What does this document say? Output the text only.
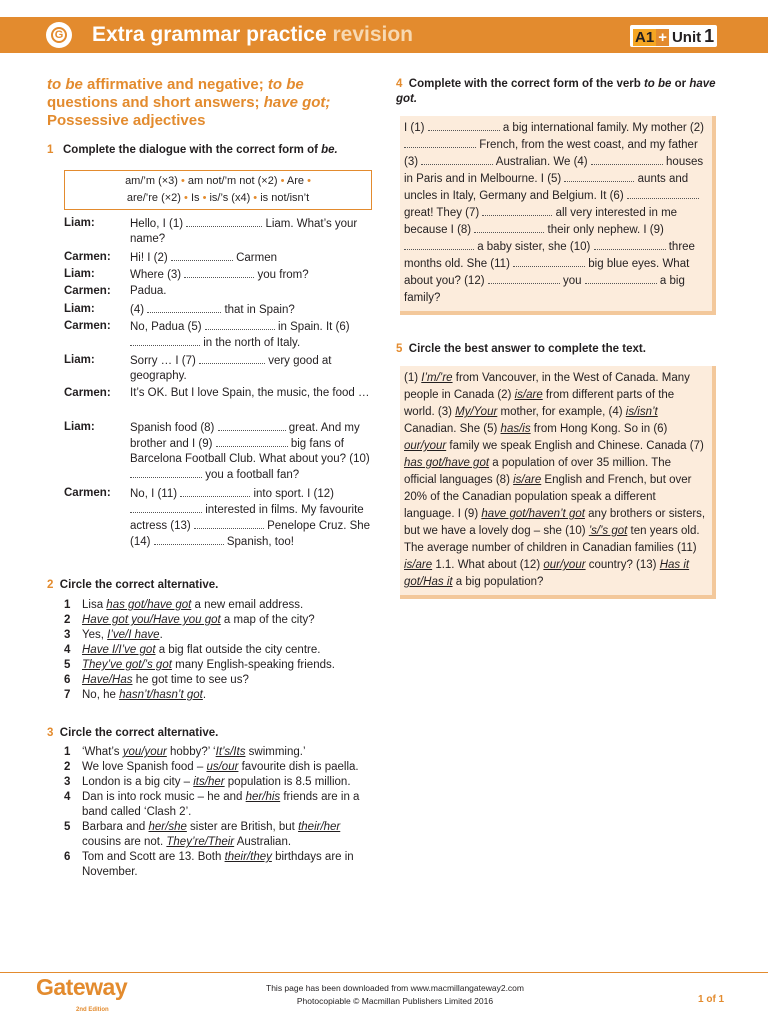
G Extra grammar practice revision	A1 + Unit 1
to be affirmative and negative; to be questions and short answers; have got; Possessive adjectives
1 Complete the dialogue with the correct form of be.
am/’m (×3) • am not/’m not (×2) • Are •
are/’re (×2) • Is • is/’s (x4) • is not/isn’t
Liam:	Hello, I (1)	Liam. What’s your name?
Carmen: Hi! I (2)	Carmen
Liam:	Where (3)	you from?
Carmen: Padua.
Liam:	(4)	that in Spain?
Carmen: No, Padua (5)	in Spain. It (6)  in the north of Italy.
Liam:	Sorry … I (7)	very good at geography.
Carmen: It’s OK. But I love Spain, the music, the food …
Liam:	Spanish food (8)	great. And my brother and I (9)	big fans of Barcelona Football Club. What about you? (10)  you a football fan?
Carmen: No, I (11)	into sport. I (12)  interested in films. My favourite actress (13)	Penelope Cruz. She (14)	Spanish, too!
2 Circle the correct alternative.
1 Lisa has got/have got a new email address.
2 Have got you/Have you got a map of the city?
3 Yes, I’ve/I have.
4 Have I/I’ve got a big flat outside the city centre.
5 They’ve got/’s got many English-speaking friends.
6 Have/Has he got time to see us?
7 No, he hasn’t/hasn’t got.
3 Circle the correct alternative.
1 ‘What’s you/your hobby?’ ‘It’s/Its swimming.’
2 We love Spanish food – us/our favourite dish is paella.
3 London is a big city – its/her population is 8.5 million.
4 Dan is into rock music – he and her/his friends are in a band called ‘Clash 2’.
5 Barbara and her/she sister are British, but their/her cousins are not. They’re/Their Australian.
6 Tom and Scott are 13. Both their/they birthdays are in November.
4 Complete with the correct form of the verb to be or have got.
I (1)	a big international family. My mother (2)  French, from the west coast, and my father (3)	Australian. We (4)	houses in Paris and in Melbourne. I (5)	aunts and uncles in Italy, Germany and Belgium. It (6)  great! They (7)	all very interested in me because I (8)	their only nephew. I (9)  a baby sister, she (10)	three months old. She (11)	big blue eyes. What about you? (12)	you	a big family?
5 Circle the best answer to complete the text.
(1) I’m/’re from Vancouver, in the West of Canada. Many people in Canada (2) is/are from different parts of the world. (3) My/Your mother, for example, (4) is/isn’t Canadian. She (5) has/is from Hong Kong. So in (6) our/your family we speak English and Chinese. Canada (7) has got/have got a population of over 35 million. The official languages (8) is/are English and French, but over 20% of the Canadian population speak a different language. I (9) have got/haven’t got any brothers or sisters, but we have a lovely dog – she (10) ’s/’s got ten years old. The average number of children in Canadian families (11) is/are 1.1. What about (12) our/your country? (13) Has it got/Has it a big population?
Gateway
2nd Edition
This page has been downloaded from www.macmillangateway2.com
Photocopiable © Macmillan Publishers Limited 2016	1 of 1
